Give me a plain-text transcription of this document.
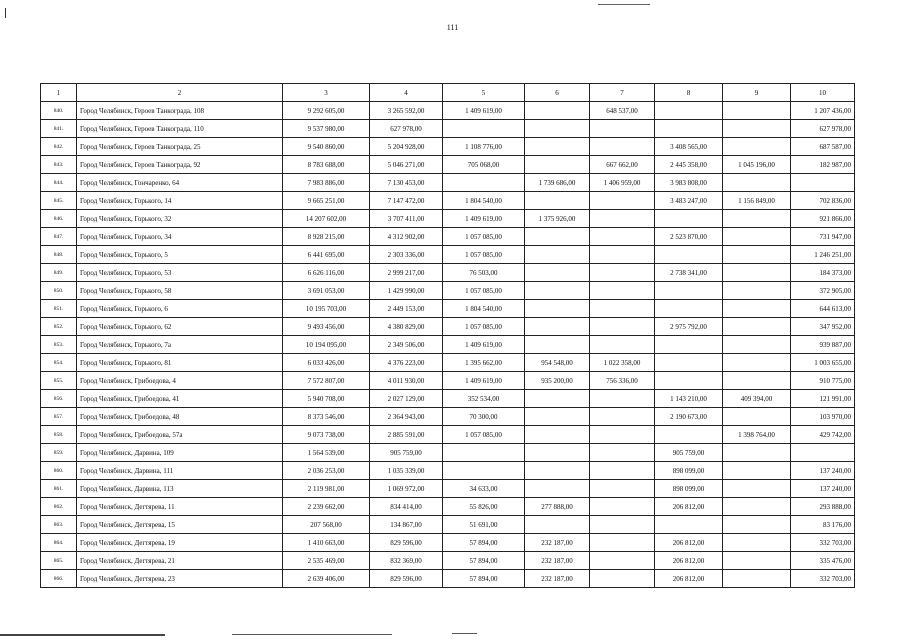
111
1	2	3	4	5	6	7	8	9	10
840.	Город Челябинск, Героев Танкограда, 108	9 292 605,00	3 265 592,00	1 409 619,00		648 537,00			1 207 436,00
841.	Город Челябинск, Героев Танкограда, 110	9 537 980,00	627 978,00						627 978,00
842.	Город Челябинск, Героев Танкограда, 25	9 540 860,00	5 204 928,00	1 108 776,00			3 408 565,00		687 587,00
843.	Город Челябинск, Героев Танкограда, 92	8 783 688,00	5 046 271,00	705 068,00		667 662,00	2 445 358,00	1 045 196,00	182 987,00
844.	Город Челябинск, Гончаренко, 64	7 983 886,00	7 130 453,00		1 739 686,00	1 406 959,00	3 983 808,00		
845.	Город Челябинск, Горького, 14	9 665 251,00	7 147 472,00	1 804 540,00			3 483 247,00	1 156 849,00	702 836,00
846.	Город Челябинск, Горького, 32	14 207 602,00	3 707 411,00	1 409 619,00	1 375 926,00				921 866,00
847.	Город Челябинск, Горького, 34	8 928 215,00	4 312 902,00	1 057 085,00			2 523 870,00		731 947,00
848.	Город Челябинск, Горького, 5	6 441 695,00	2 303 336,00	1 057 085,00					1 246 251,00
849.	Город Челябинск, Горького, 53	6 626 116,00	2 999 217,00	76 503,00			2 738 341,00		184 373,00
850.	Город Челябинск, Горького, 58	3 691 053,00	1 429 990,00	1 057 085,00					372 905,00
851.	Город Челябинск, Горького, 6	10 195 703,00	2 449 153,00	1 804 540,00					644 613,00
852.	Город Челябинск, Горького, 62	9 493 456,00	4 380 829,00	1 057 085,00			2 975 792,00		347 952,00
853.	Город Челябинск, Горького, 7а	10 194 095,00	2 349 506,00	1 409 619,00					939 887,00
854.	Город Челябинск, Горького, 81	6 033 426,00	4 376 223,00	1 395 662,00	954 548,00	1 022 358,00			1 003 655,00
855.	Город Челябинск, Грибоедова, 4	7 572 807,00	4 011 930,00	1 409 619,00	935 200,00	756 336,00			910 775,00
856.	Город Челябинск, Грибоедова, 41	5 940 708,00	2 027 129,00	352 534,00			1 143 210,00	409 394,00	121 991,00
857.	Город Челябинск, Грибоедова, 48	8 373 546,00	2 364 943,00	70 300,00			2 190 673,00		103 970,00
858.	Город Челябинск, Грибоедова, 57а	9 073 738,00	2 885 591,00	1 057 085,00				1 398 764,00	429 742,00
859.	Город Челябинск, Дарвина, 109	1 564 539,00	905 759,00				905 759,00		
860.	Город Челябинск, Дарвина, 111	2 036 253,00	1 035 339,00				898 099,00		137 240,00
861.	Город Челябинск, Дарвина, 113	2 119 981,00	1 069 972,00	34 633,00			898 099,00		137 240,00
862.	Город Челябинск, Дегтярева, 11	2 239 662,00	834 414,00	55 826,00	277 888,00		206 812,00		293 888,00
863.	Город Челябинск, Дегтярева, 15	207 568,00	134 867,00	51 691,00					83 176,00
864.	Город Челябинск, Дегтярева, 19	1 410 663,00	829 596,00	57 894,00	232 187,00		206 812,00		332 703,00
865.	Город Челябинск, Дегтярева, 21	2 535 469,00	832 369,00	57 894,00	232 187,00		206 812,00		335 476,00
866.	Город Челябинск, Дегтярева, 23	2 639 406,00	829 596,00	57 894,00	232 187,00		206 812,00		332 703,00
